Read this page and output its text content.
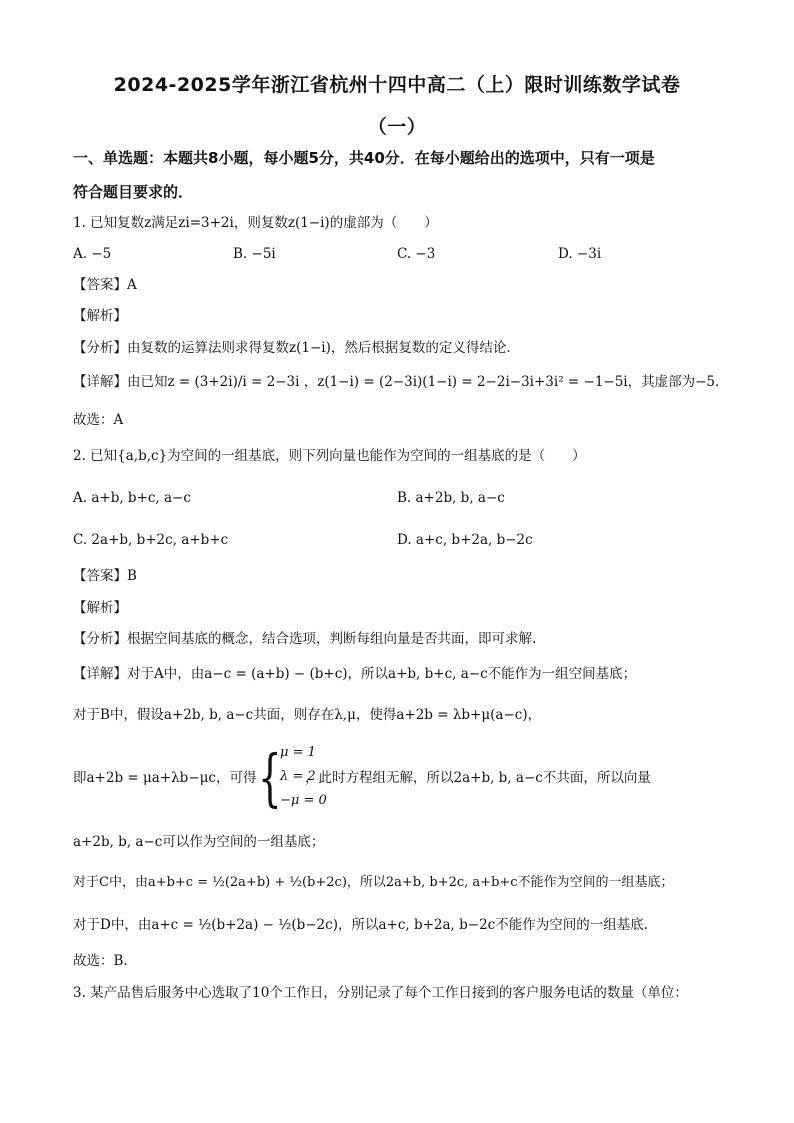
2024-2025学年浙江省杭州十四中高二（上）限时训练数学试卷
（一）
一、单选题：本题共8小题，每小题5分，共40分．在每小题给出的选项中，只有一项是
符合题目要求的．
1. 已知复数z满足zi=3+2i，则复数z(1−i)的虚部为（　　）
A. −5	B. −5i	C. −3	D. −3i
【答案】A
【解析】
【分析】由复数的运算法则求得复数z(1−i)，然后根据复数的定义得结论．
【详解】由已知z = (3+2i)/i = 2−3i ，z(1−i) = (2−3i)(1−i) = 2−2i−3i+3i² = −1−5i，其虚部为−5．
故选：A
2. 已知{a,b,c}为空间的一组基底，则下列向量也能作为空间的一组基底的是（　　）
A. a+b, b+c, a−c	B. a+2b, b, a−c
C. 2a+b, b+2c, a+b+c	D. a+c, b+2a, b−2c
【答案】B
【解析】
【分析】根据空间基底的概念，结合选项，判断每组向量是否共面，即可求解.
【详解】对于A中，由a−c = (a+b) − (b+c)，所以a+b, b+c, a−c不能作为一组空间基底；
对于B中，假设a+2b, b, a−c共面，则存在λ,μ，使得a+2b = λb+μ(a−c)，
即a+2b = μa+λb−μc，可得 {
μ = 1
λ = 2
−μ = 0
，此时方程组无解，所以2a+b, b, a−c不共面，所以向量
a+2b, b, a−c可以作为空间的一组基底；
对于C中，由a+b+c = ½(2a+b) + ½(b+2c)，所以2a+b, b+2c, a+b+c不能作为空间的一组基底；
对于D中，由a+c = ½(b+2a) − ½(b−2c)，所以a+c, b+2a, b−2c不能作为空间的一组基底.
故选：B.
3. 某产品售后服务中心选取了10个工作日，分别记录了每个工作日接到的客户服务电话的数量（单位：
